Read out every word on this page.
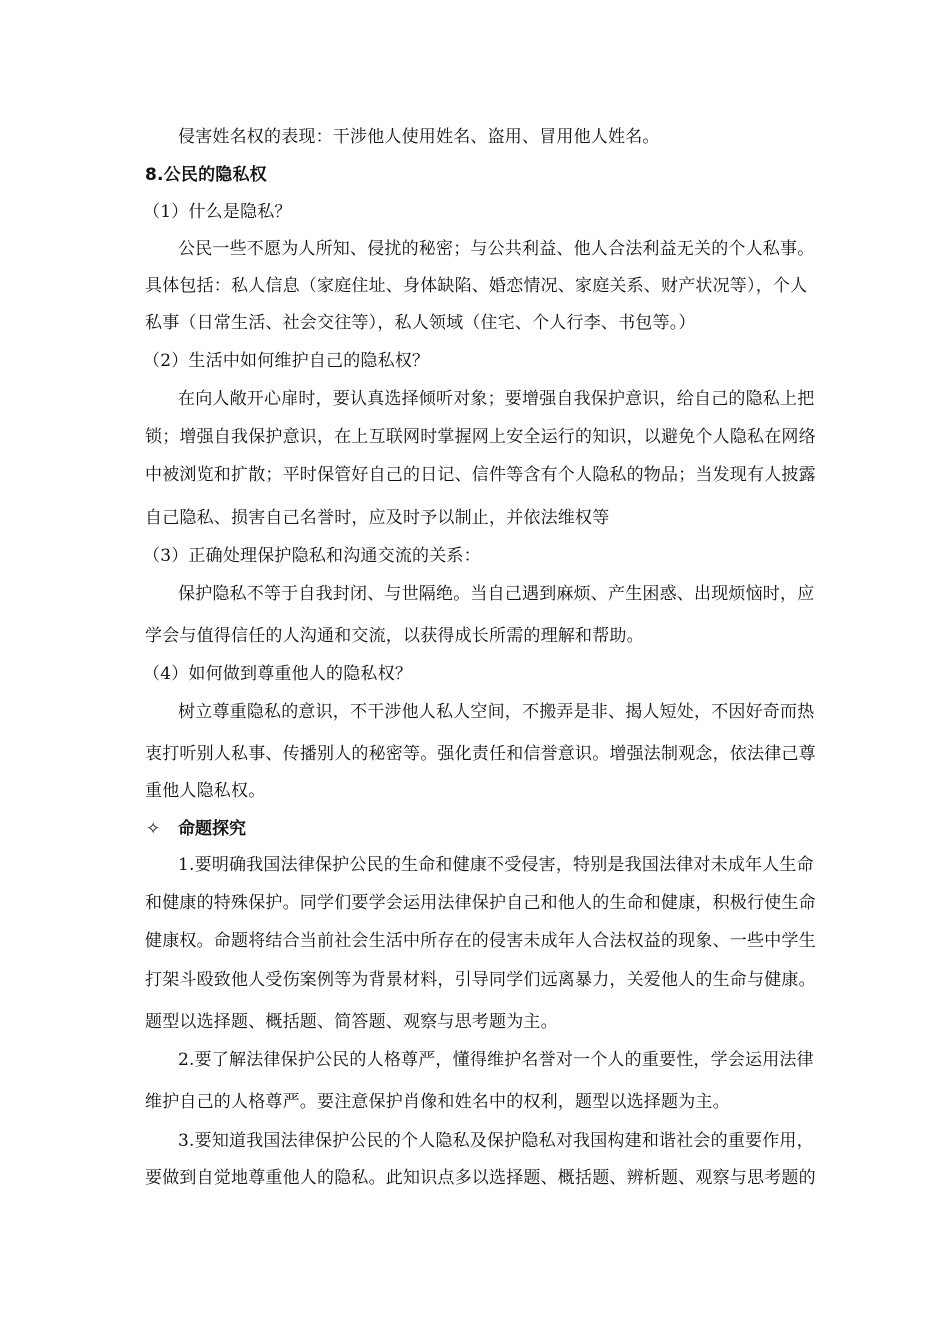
侵害姓名权的表现：干涉他人使用姓名、盗用、冒用他人姓名。
8.公民的隐私权
（1）什么是隐私？
公民一些不愿为人所知、侵扰的秘密；与公共利益、他人合法利益无关的个人私事。
具体包括：私人信息（家庭住址、身体缺陷、婚恋情况、家庭关系、财产状况等），个人
私事（日常生活、社会交往等），私人领域（住宅、个人行李、书包等。）
（2）生活中如何维护自己的隐私权？
在向人敞开心扉时，要认真选择倾听对象；要增强自我保护意识，给自己的隐私上把
锁；增强自我保护意识，在上互联网时掌握网上安全运行的知识，以避免个人隐私在网络
中被浏览和扩散；平时保管好自己的日记、信件等含有个人隐私的物品；当发现有人披露
自己隐私、损害自己名誉时，应及时予以制止，并依法维权等
（3）正确处理保护隐私和沟通交流的关系：
保护隐私不等于自我封闭、与世隔绝。当自己遇到麻烦、产生困惑、出现烦恼时，应
学会与值得信任的人沟通和交流，以获得成长所需的理解和帮助。
（4）如何做到尊重他人的隐私权？
树立尊重隐私的意识，不干涉他人私人空间，不搬弄是非、揭人短处，不因好奇而热
衷打听别人私事、传播别人的秘密等。强化责任和信誉意识。增强法制观念，依法律己尊
重他人隐私权。
✧ 命题探究
1.要明确我国法律保护公民的生命和健康不受侵害，特别是我国法律对未成年人生命
和健康的特殊保护。同学们要学会运用法律保护自己和他人的生命和健康，积极行使生命
健康权。命题将结合当前社会生活中所存在的侵害未成年人合法权益的现象、一些中学生
打架斗殴致他人受伤案例等为背景材料，引导同学们远离暴力，关爱他人的生命与健康。
题型以选择题、概括题、简答题、观察与思考题为主。
2.要了解法律保护公民的人格尊严，懂得维护名誉对一个人的重要性，学会运用法律
维护自己的人格尊严。要注意保护肖像和姓名中的权利，题型以选择题为主。
3.要知道我国法律保护公民的个人隐私及保护隐私对我国构建和谐社会的重要作用，
要做到自觉地尊重他人的隐私。此知识点多以选择题、概括题、辨析题、观察与思考题的
